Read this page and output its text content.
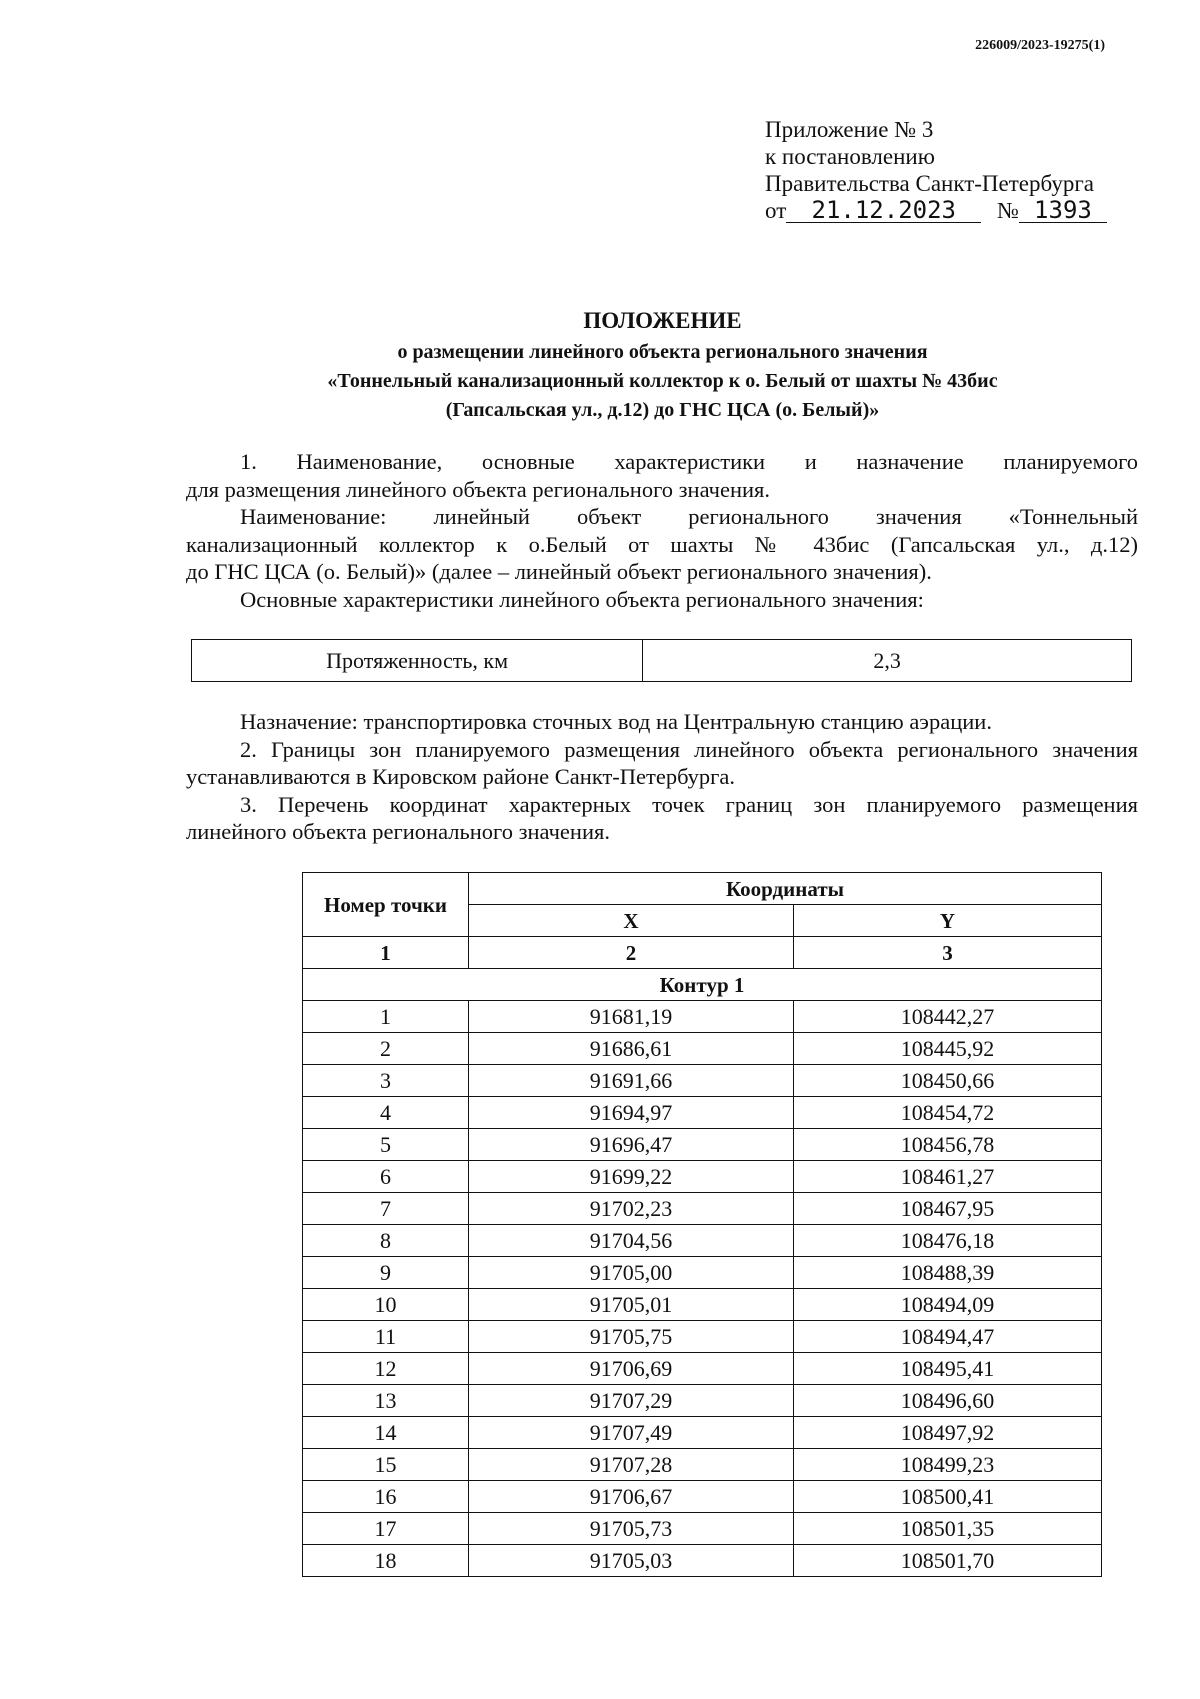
226009/2023-19275(1)
Приложение № 3
к постановлению
Правительства Санкт-Петербурга
от 21.12.2023 № 1393
ПОЛОЖЕНИЕ
о размещении линейного объекта регионального значения
«Тоннельный канализационный коллектор к о. Белый от шахты № 43бис
(Гапсальская ул., д.12) до ГНС ЦСА (о. Белый)»
1. Наименование, основные характеристики и назначение планируемого
для размещения линейного объекта регионального значения.
Наименование: линейный объект регионального значения «Тоннельный
канализационный коллектор к о.Белый от шахты № 43бис (Гапсальская ул., д.12)
до ГНС ЦСА (о. Белый)» (далее – линейный объект регионального значения).
Основные характеристики линейного объекта регионального значения:
Протяженность, км	2,3
Назначение: транспортировка сточных вод на Центральную станцию аэрации.
2. Границы зон планируемого размещения линейного объекта регионального значения
устанавливаются в Кировском районе Санкт-Петербурга.
3. Перечень координат характерных точек границ зон планируемого размещения
линейного объекта регионального значения.
Номер точки	Координаты	
	X	Y
1	2	3
Контур 1		
1	91681,19	108442,27
2	91686,61	108445,92
3	91691,66	108450,66
4	91694,97	108454,72
5	91696,47	108456,78
6	91699,22	108461,27
7	91702,23	108467,95
8	91704,56	108476,18
9	91705,00	108488,39
10	91705,01	108494,09
11	91705,75	108494,47
12	91706,69	108495,41
13	91707,29	108496,60
14	91707,49	108497,92
15	91707,28	108499,23
16	91706,67	108500,41
17	91705,73	108501,35
18	91705,03	108501,70
